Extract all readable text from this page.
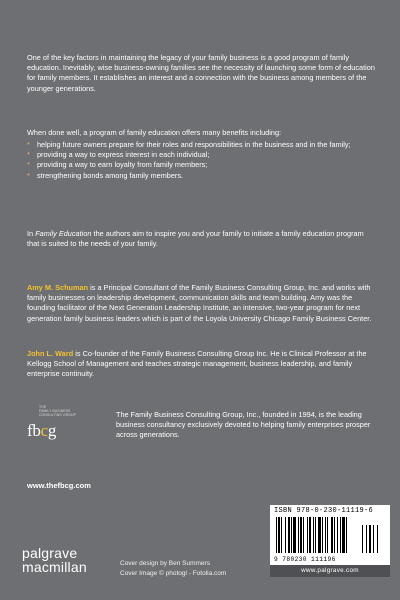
One of the key factors in maintaining the legacy of your family business is a good program of family education. Inevitably, wise business-owning families see the necessity of launching some form of education for family members. It establishes an interest and a connection with the business among members of the younger generations.

When done well, a program of family education offers many benefits including:

* helping future owners prepare for their roles and responsibilities in the business and in the family;
* providing a way to express interest in each individual;
* providing a way to earn loyalty from family members;
* strengthening bonds among family members.

In Family Education the authors aim to inspire you and your family to initiate a family education program that is suited to the needs of your family.

Amy M. Schuman is a Principal Consultant of the Family Business Consulting Group, Inc. and works with family businesses on leadership development, communication skills and team building. Amy was the founding facilitator of the Next Generation Leadership Institute, an intensive, two-year program for next generation family business leaders which is part of the Loyola University Chicago Family Business Center.

John L. Ward is Co-founder of the Family Business Consulting Group Inc. He is Clinical Professor at the Kellogg School of Management and teaches strategic management, business leadership, and family enterprise continuity.

THE
FAMILY BUSINESS
CONSULTING GROUP
fbcg

The Family Business Consulting Group, Inc., founded in 1994, is the leading business consultancy exclusively devoted to helping family enterprises prosper across generations.

www.thefbcg.com
ISBN 978-0-230-11119-6
9 780230 111196
www.palgrave.com
palgrave
macmillan	Cover design by Ben Summers
Cover Image © photogl - Fotolia.com
